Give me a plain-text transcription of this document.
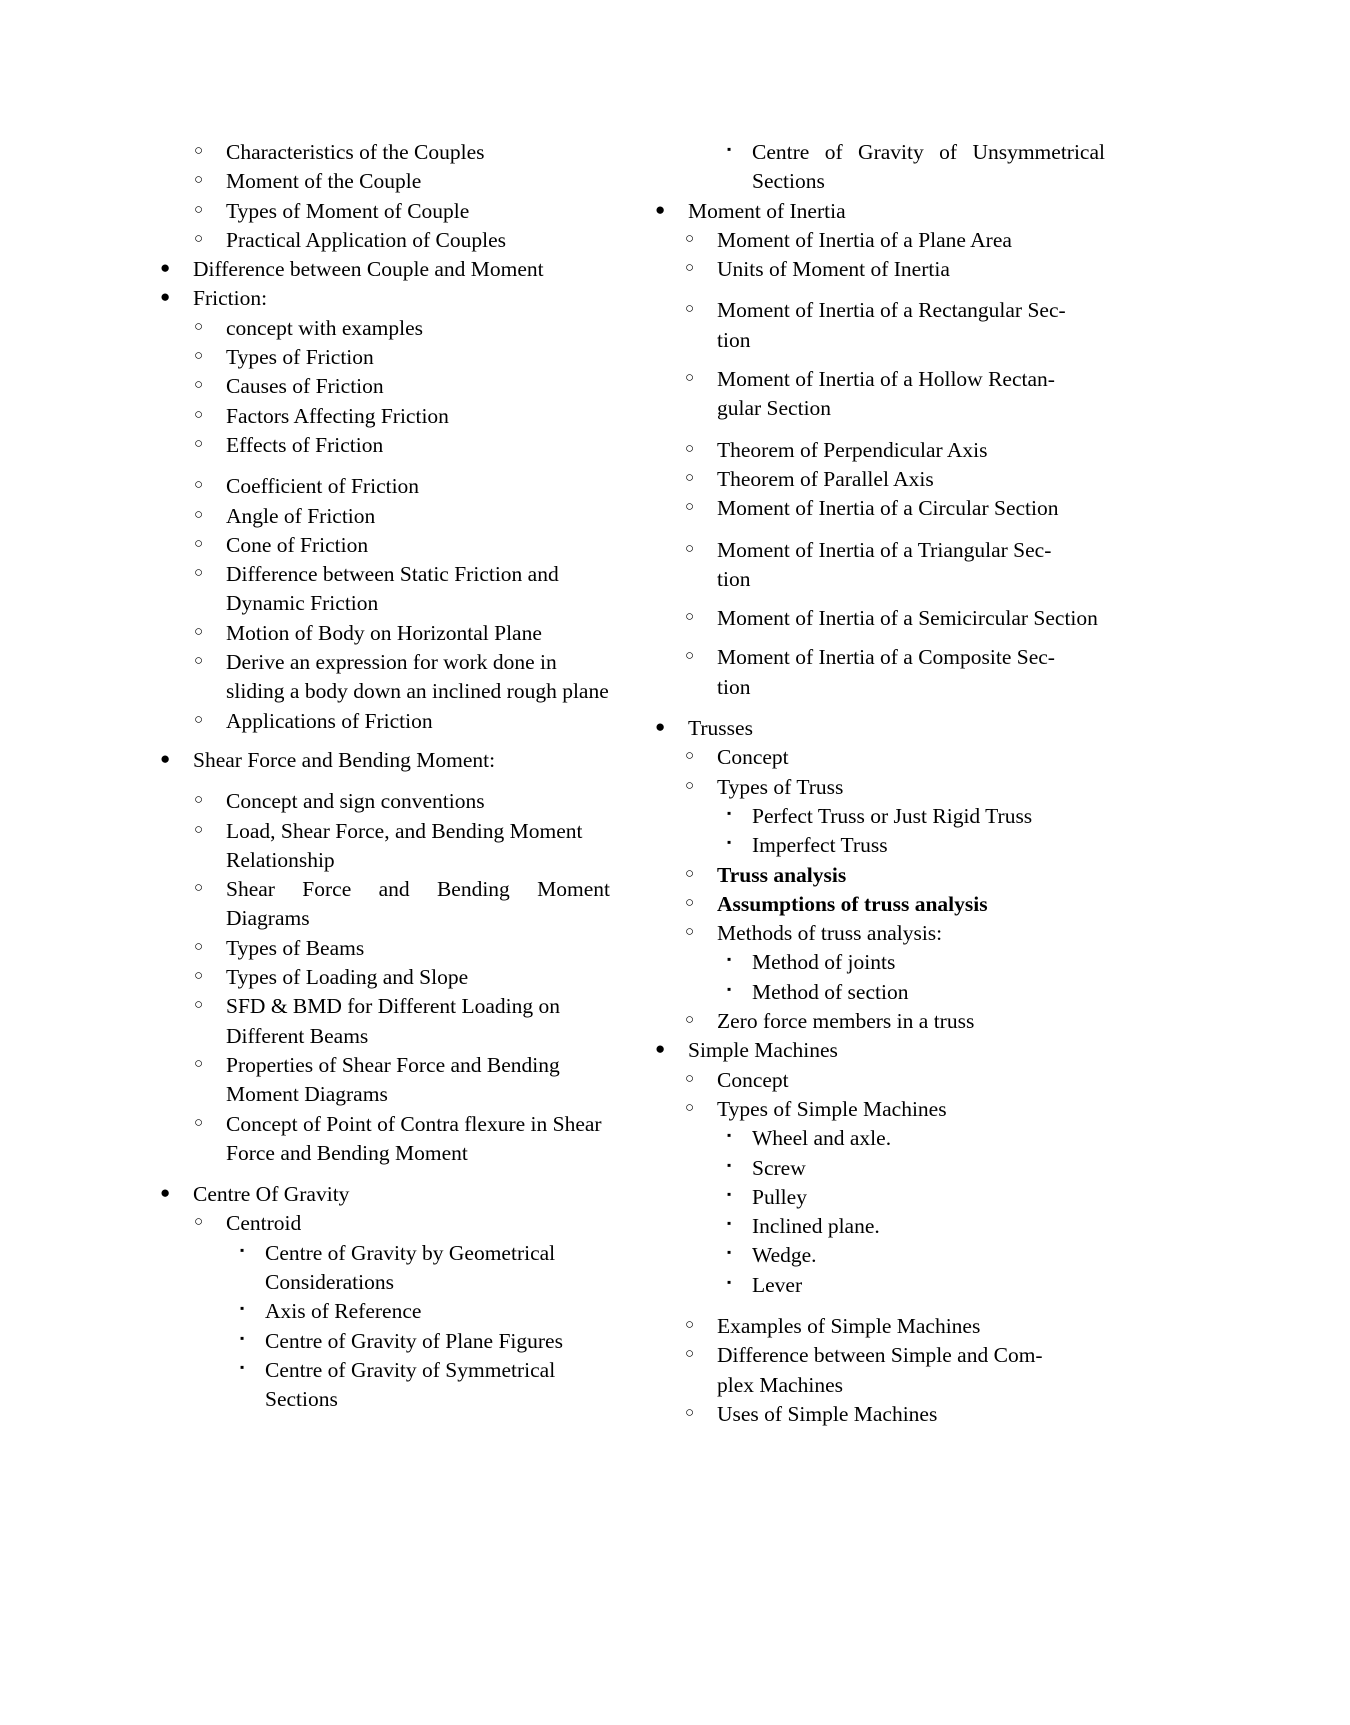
○	Characteristics of the Couples
○	Moment of the Couple
○	Types of Moment of Couple
○	Practical Application of Couples
●	Difference between Couple and Moment
●	Friction:
○	concept with examples
○	Types of Friction
○	Causes of Friction
○	Factors Affecting Friction
○	Effects of Friction
○	Coefficient of Friction
○	Angle of Friction
○	Cone of Friction
○	Difference between Static Friction and Dynamic Friction
○	Motion of Body on Horizontal Plane
○	Derive an expression for work done in sliding a body down an inclined rough plane
○	Applications of Friction
●	Shear Force and Bending Moment:
○	Concept and sign conventions
○	Load, Shear Force, and Bending Moment Relationship
○	Shear Force and Bending Moment Diagrams
○	Types of Beams
○	Types of Loading and Slope
○	SFD & BMD for Different Loading on Different Beams
○	Properties of Shear Force and Bending Moment Diagrams
○	Concept of Point of Contra flexure in Shear Force and Bending Moment
●	Centre Of Gravity
○	Centroid
▪ Centre of Gravity by Geometrical Considerations
▪ Axis of Reference
▪ Centre of Gravity of Plane Figures
▪ Centre of Gravity of Symmetrical Sections
▪ Centre of Gravity of Unsymmetrical Sections
●	Moment of Inertia
○	Moment of Inertia of a Plane Area
○	Units of Moment of Inertia
○	Moment of Inertia of a Rectangular Sec-
tion
○	Moment of Inertia of a Hollow Rectan-
gular Section
○	Theorem of Perpendicular Axis
○	Theorem of Parallel Axis
○	Moment of Inertia of a Circular Section
○	Moment of Inertia of a Triangular Sec-
tion
○	Moment of Inertia of a Semicircular Section
○	Moment of Inertia of a Composite Sec-
tion
●	Trusses
○	Concept
○	Types of Truss
▪ Perfect Truss or Just Rigid Truss
▪ Imperfect Truss
○	Truss analysis
○	Assumptions of truss analysis
○	Methods of truss analysis:
▪ Method of joints
▪ Method of section
○	Zero force members in a truss
●	Simple Machines
○	Concept
○	Types of Simple Machines
▪ Wheel and axle.
▪ Screw
▪ Pulley
▪ Inclined plane.
▪ Wedge.
▪ Lever
○	Examples of Simple Machines
○	Difference between Simple and Com-
plex Machines
○	Uses of Simple Machines
